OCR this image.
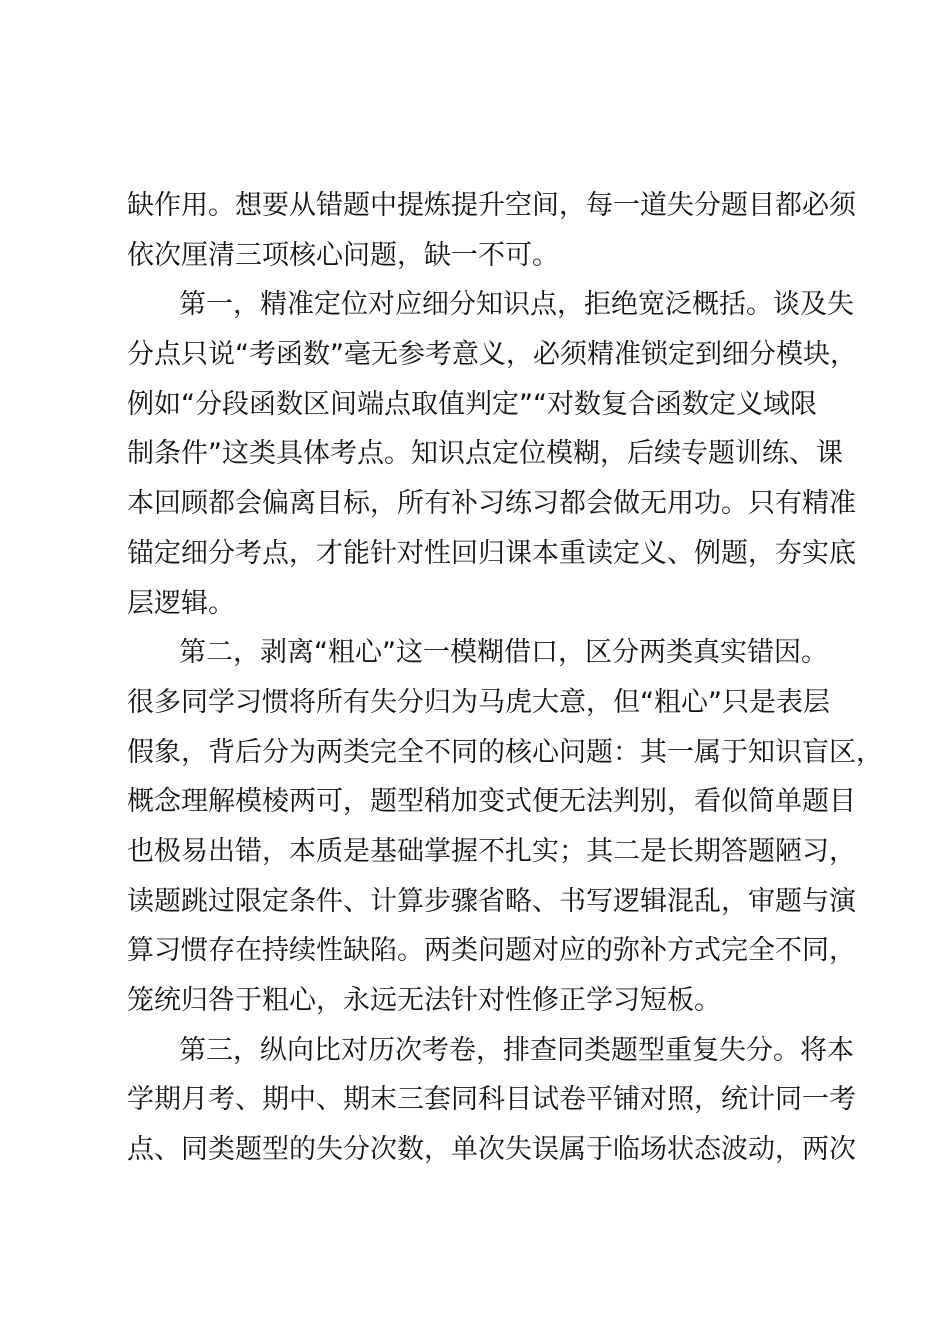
缺作用。想要从错题中提炼提升空间，每一道失分题目都必须
依次厘清三项核心问题，缺一不可。
第一，精准定位对应细分知识点，拒绝宽泛概括。谈及失
分点只说“考函数”毫无参考意义，必须精准锁定到细分模块，
例如“分段函数区间端点取值判定”“对数复合函数定义域限
制条件”这类具体考点。知识点定位模糊，后续专题训练、课
本回顾都会偏离目标，所有补习练习都会做无用功。只有精准
锚定细分考点，才能针对性回归课本重读定义、例题，夯实底
层逻辑。
第二，剥离“粗心”这一模糊借口，区分两类真实错因。
很多同学习惯将所有失分归为马虎大意，但“粗心”只是表层
假象，背后分为两类完全不同的核心问题：其一属于知识盲区，
概念理解模棱两可，题型稍加变式便无法判别，看似简单题目
也极易出错，本质是基础掌握不扎实；其二是长期答题陋习，
读题跳过限定条件、计算步骤省略、书写逻辑混乱，审题与演
算习惯存在持续性缺陷。两类问题对应的弥补方式完全不同，
笼统归咎于粗心，永远无法针对性修正学习短板。
第三，纵向比对历次考卷，排查同类题型重复失分。将本
学期月考、期中、期末三套同科目试卷平铺对照，统计同一考
点、同类题型的失分次数，单次失误属于临场状态波动，两次
